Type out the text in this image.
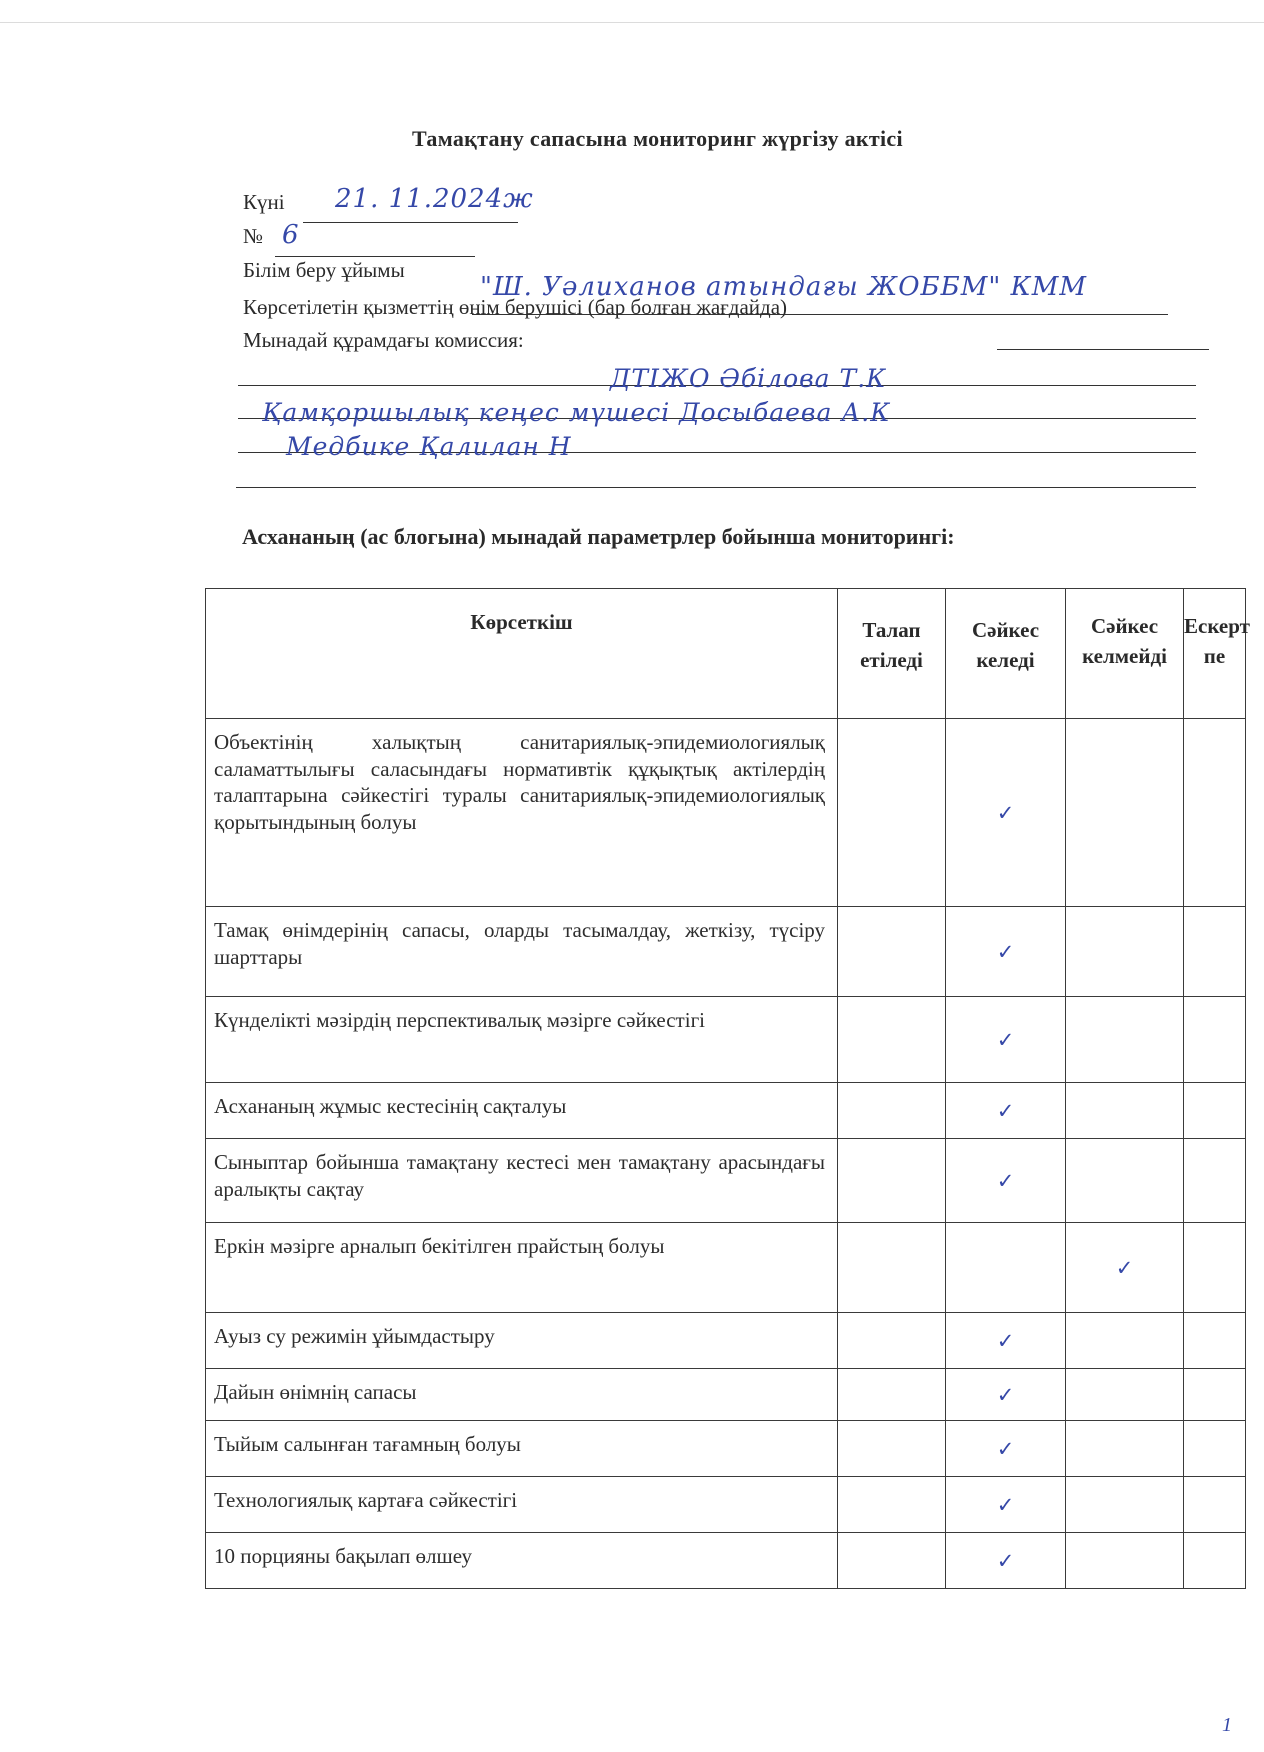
Тамақтану сапасына мониторинг жүргізу актісі
Күні 21. 11.2024ж
№ 6
Білім беру ұйымы
"Ш. Уәлиханов атындағы ЖОББМ" КММ
Көрсетілетін қызметтің өнім берушісі (бар болған жағдайда)
Мынадай құрамдағы комиссия:
ДТІЖО Әбілова Т.К
Қамқоршылық кеңес мүшесі Досыбаева А.К
Медбике Қалилан Н
Асхананың (ас блогына) мынадай параметрлер бойынша мониторингі:
Көрсеткіш	Талап етіледі	Сәйкес келеді	Сәйкес келмейді	Ескерт пе
Объектінің халықтың санитариялық-эпидемиологиялық саламаттылығы саласындағы нормативтік құқықтық актілердің талаптарына сәйкестігі туралы санитариялық-эпидемиологиялық қорытындының болуы		✓		
Тамақ өнімдерінің сапасы, оларды тасымалдау, жеткізу, түсіру шарттары		✓		
Күнделікті мәзірдің перспективалық мәзірге сәйкестігі		✓		
Асхананың жұмыс кестесінің сақталуы		✓		
Сыныптар бойынша тамақтану кестесі мен тамақтану арасындағы аралықты сақтау		✓		
Еркін мәзірге арналып бекітілген прайстың болуы			✓	
Ауыз су режимін ұйымдастыру		✓		
Дайын өнімнің сапасы		✓		
Тыйым салынған тағамның болуы		✓		
Технологиялық картаға сәйкестігі		✓		
10 порцияны бақылап өлшеу		✓		
1
